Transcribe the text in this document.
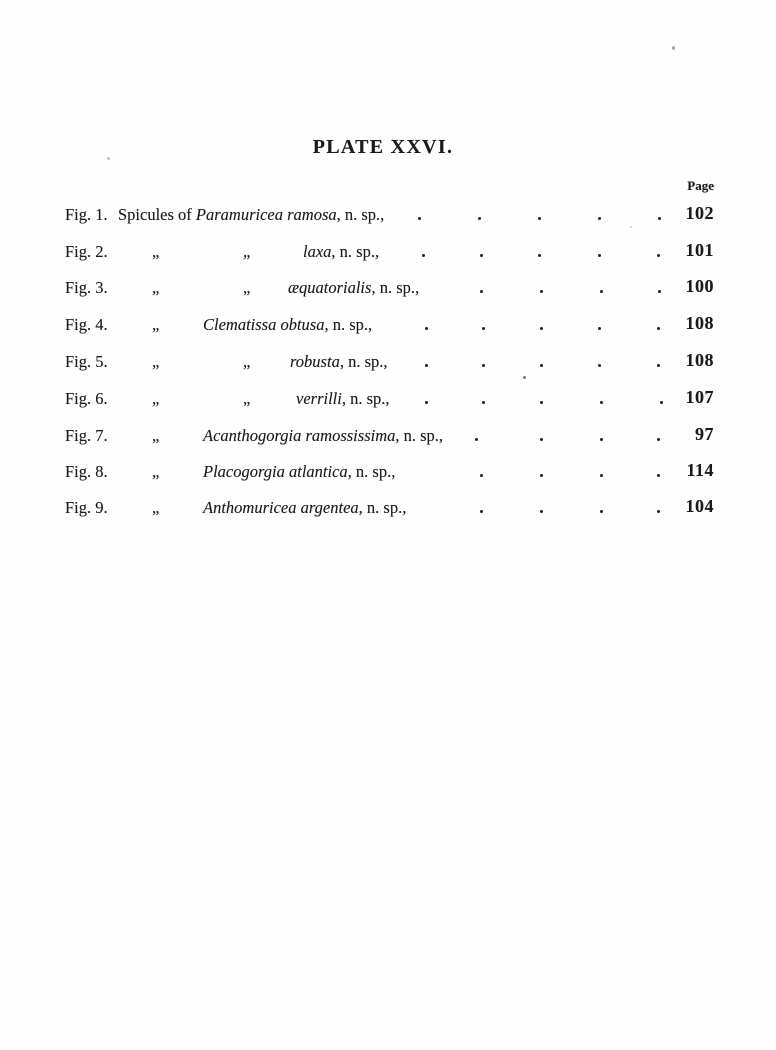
PLATE XXVI.
Page
Fig. 1. Spicules of Paramuricea ramosa, n. sp.,	102
Fig. 2.	„	„	laxa, n. sp.,	101
Fig. 3.	„	„ æquatorialis, n. sp.,	100
Fig. 4.	„	Clematissa obtusa, n. sp.,	108
Fig. 5.	„	„ robusta, n. sp.,	108
Fig. 6.	„	„	verrilli, n. sp.,	107
Fig. 7.	„	Acanthogorgia ramossissima, n. sp.,	97
Fig. 8.	„	Placogorgia atlantica, n. sp.,	114
Fig. 9.	„	Anthomuricea argentea, n. sp.,	104
